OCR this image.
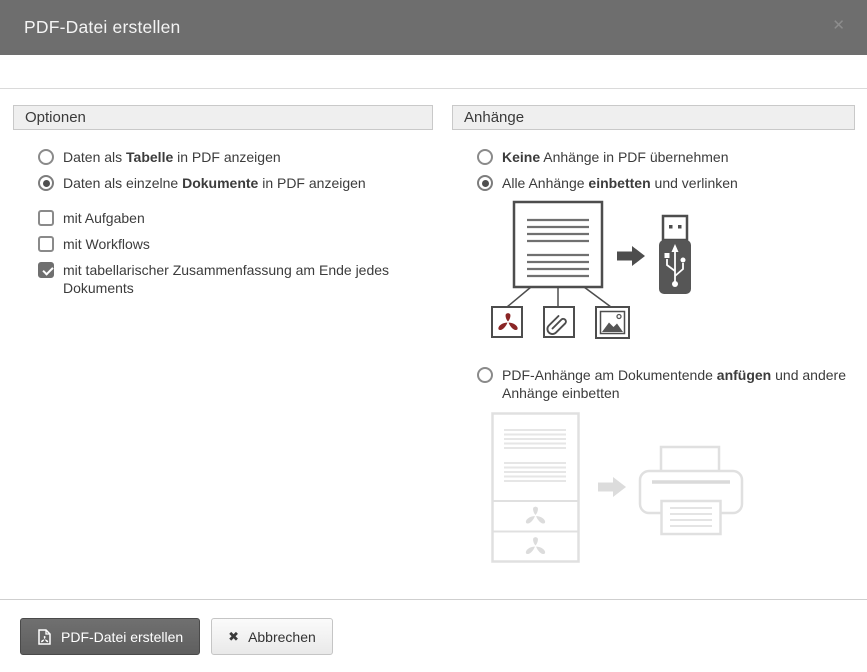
PDF-Datei erstellen	✕
Optionen
Daten als Tabelle in PDF anzeigen
Daten als einzelne Dokumente in PDF anzeigen
mit Aufgaben
mit Workflows
mit tabellarischer Zusammenfassung am Ende jedes Dokuments
Anhänge
Keine Anhänge in PDF übernehmen
Alle Anhänge einbetten und verlinken
PDF-Anhänge am Dokumentende anfügen und andere Anhänge einbetten
PDF-Datei erstellen	✖ Abbrechen
